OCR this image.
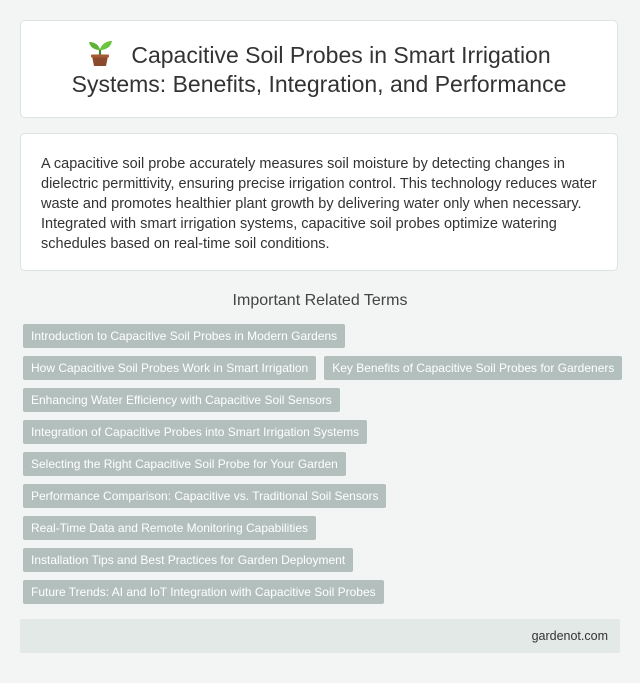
Capacitive Soil Probes in Smart Irrigation Systems: Benefits, Integration, and Performance

A capacitive soil probe accurately measures soil moisture by detecting changes in dielectric permittivity, ensuring precise irrigation control. This technology reduces water waste and promotes healthier plant growth by delivering water only when necessary. Integrated with smart irrigation systems, capacitive soil probes optimize watering schedules based on real-time soil conditions.

Important Related Terms
Introduction to Capacitive Soil Probes in Modern Gardens
How Capacitive Soil Probes Work in Smart Irrigation	Key Benefits of Capacitive Soil Probes for Gardeners
Enhancing Water Efficiency with Capacitive Soil Sensors
Integration of Capacitive Probes into Smart Irrigation Systems
Selecting the Right Capacitive Soil Probe for Your Garden
Performance Comparison: Capacitive vs. Traditional Soil Sensors
Real-Time Data and Remote Monitoring Capabilities
Installation Tips and Best Practices for Garden Deployment
Future Trends: AI and IoT Integration with Capacitive Soil Probes
gardenot.com
